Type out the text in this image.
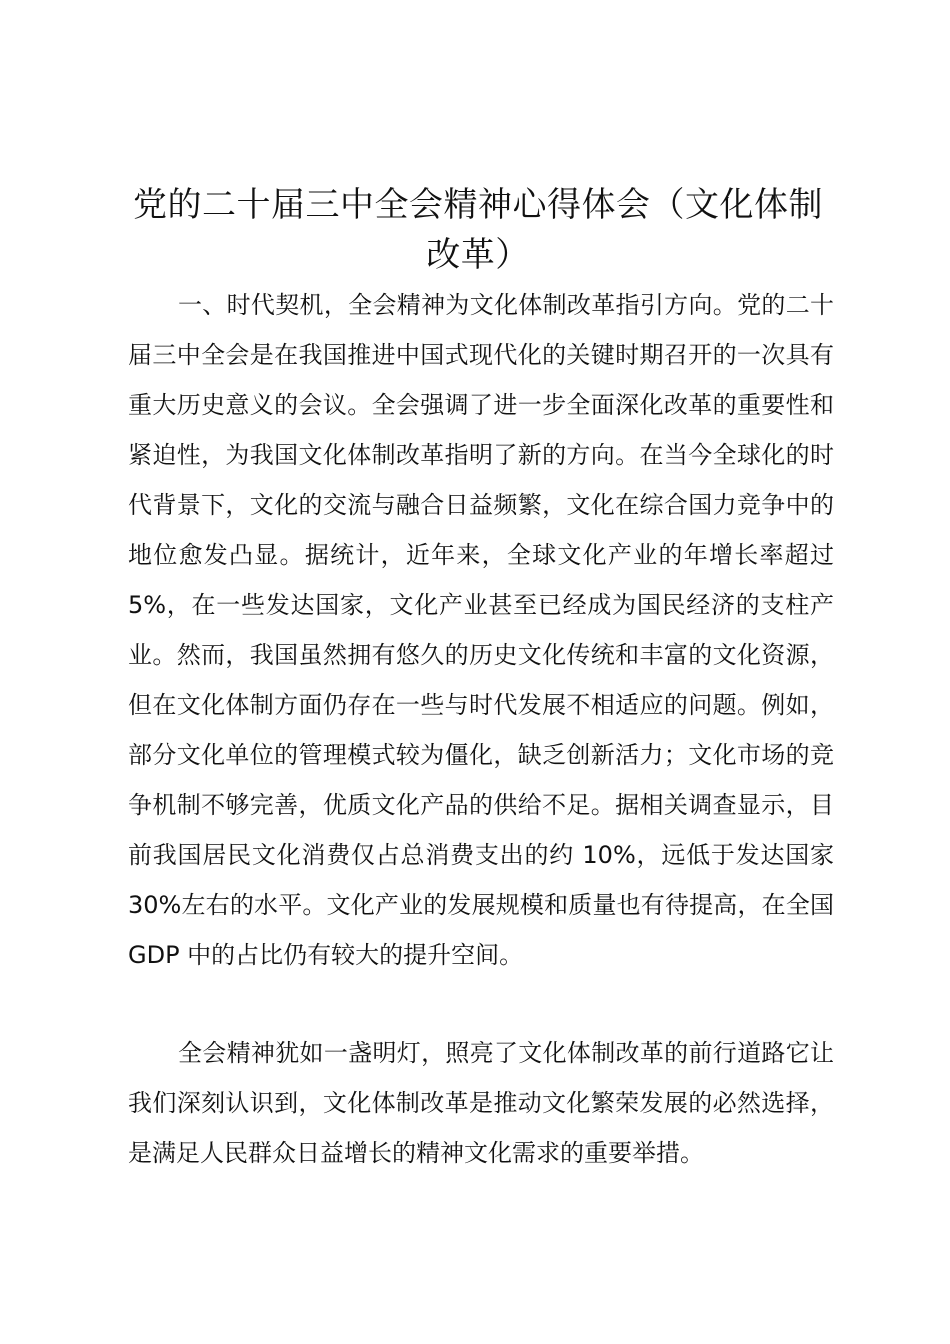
党的二十届三中全会精神心得体会（文化体制改革）

一、时代契机，全会精神为文化体制改革指引方向。党的二十届三中全会是在我国推进中国式现代化的关键时期召开的一次具有重大历史意义的会议。全会强调了进一步全面深化改革的重要性和紧迫性，为我国文化体制改革指明了新的方向。在当今全球化的时代背景下，文化的交流与融合日益频繁，文化在综合国力竞争中的地位愈发凸显。据统计，近年来，全球文化产业的年增长率超过 5%，在一些发达国家，文化产业甚至已经成为国民经济的支柱产业。然而，我国虽然拥有悠久的历史文化传统和丰富的文化资源，但在文化体制方面仍存在一些与时代发展不相适应的问题。例如，部分文化单位的管理模式较为僵化，缺乏创新活力；文化市场的竞争机制不够完善，优质文化产品的供给不足。据相关调查显示，目前我国居民文化消费仅占总消费支出的约 10%，远低于发达国家 30%左右的水平。文化产业的发展规模和质量也有待提高，在全国 GDP 中的占比仍有较大的提升空间。

全会精神犹如一盏明灯，照亮了文化体制改革的前行道路它让我们深刻认识到，文化体制改革是推动文化繁荣发展的必然选择，是满足人民群众日益增长的精神文化需求的重要举措。
